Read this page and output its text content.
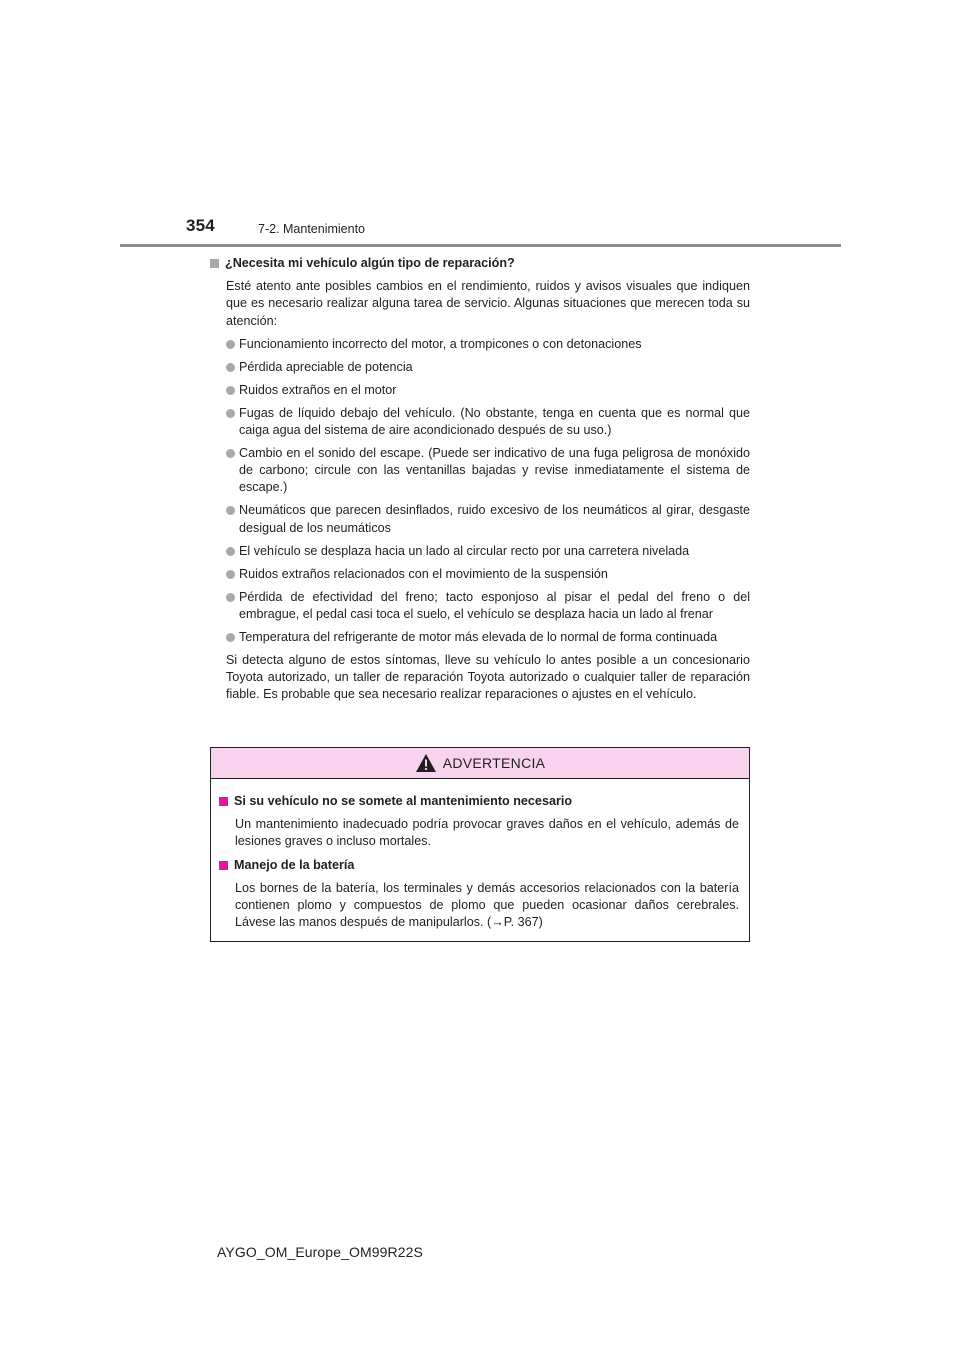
354	7-2. Mantenimiento
¿Necesita mi vehículo algún tipo de reparación?

Esté atento ante posibles cambios en el rendimiento, ruidos y avisos visuales que indiquen que es necesario realizar alguna tarea de servicio. Algunas situaciones que merecen toda su atención:

Funcionamiento incorrecto del motor, a trompicones o con detonaciones
Pérdida apreciable de potencia
Ruidos extraños en el motor
Fugas de líquido debajo del vehículo. (No obstante, tenga en cuenta que es normal que caiga agua del sistema de aire acondicionado después de su uso.)
Cambio en el sonido del escape. (Puede ser indicativo de una fuga peligrosa de monóxido de carbono; circule con las ventanillas bajadas y revise inmediatamente el sistema de escape.)
Neumáticos que parecen desinflados, ruido excesivo de los neumáticos al girar, desgaste desigual de los neumáticos
El vehículo se desplaza hacia un lado al circular recto por una carretera nivelada
Ruidos extraños relacionados con el movimiento de la suspensión
Pérdida de efectividad del freno; tacto esponjoso al pisar el pedal del freno o del embrague, el pedal casi toca el suelo, el vehículo se desplaza hacia un lado al frenar
Temperatura del refrigerante de motor más elevada de lo normal de forma continuada

Si detecta alguno de estos síntomas, lleve su vehículo lo antes posible a un concesionario Toyota autorizado, un taller de reparación Toyota autorizado o cualquier taller de reparación fiable. Es probable que sea necesario realizar reparaciones o ajustes en el vehículo.

ADVERTENCIA
Si su vehículo no se somete al mantenimiento necesario

Un mantenimiento inadecuado podría provocar graves daños en el vehículo, además de lesiones graves o incluso mortales.

Manejo de la batería

Los bornes de la batería, los terminales y demás accesorios relacionados con la batería contienen plomo y compuestos de plomo que pueden ocasionar daños cerebrales. Lávese las manos después de manipularlos. (→P. 367)

AYGO_OM_Europe_OM99R22S
